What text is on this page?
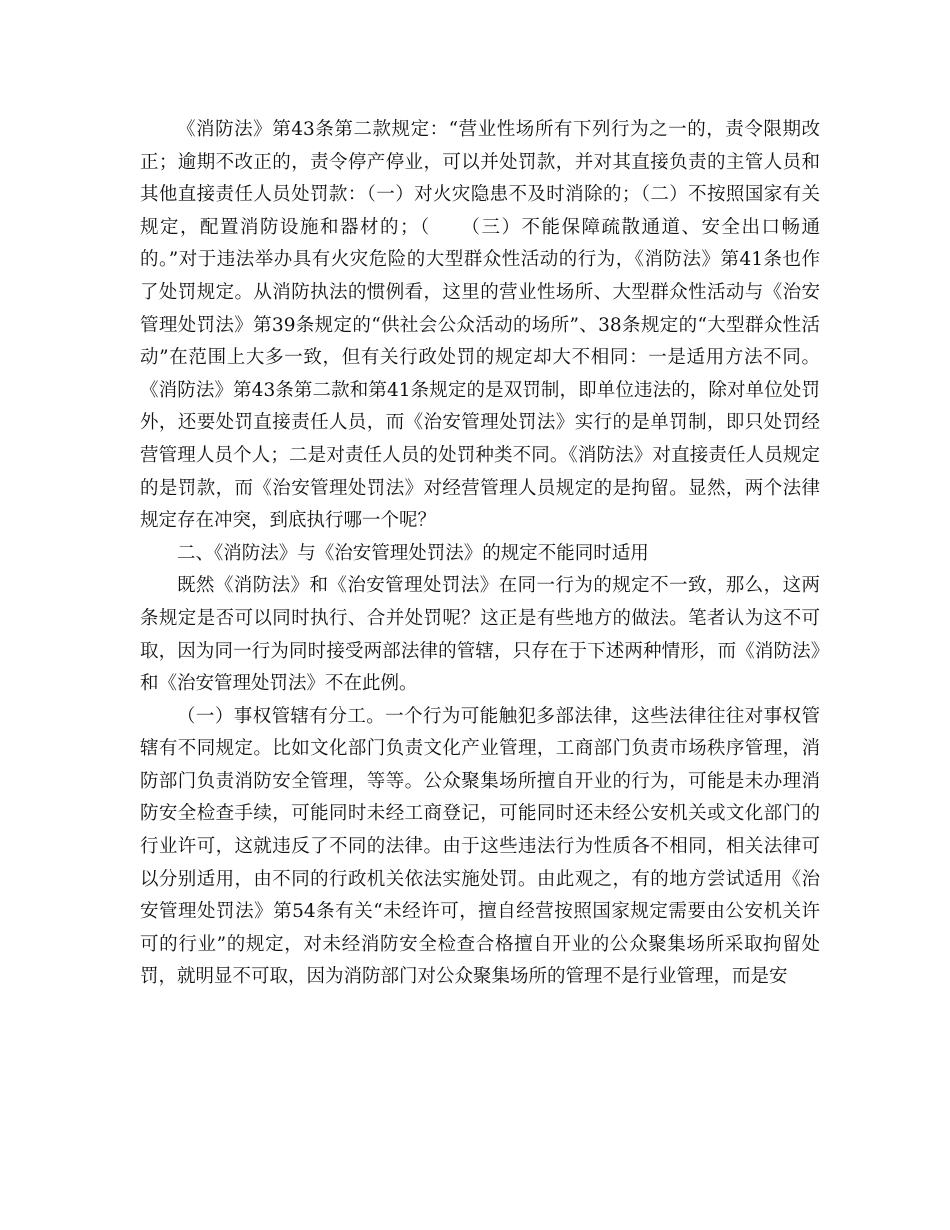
《消防法》第43条第二款规定：“营业性场所有下列行为之一的，责令限期改正；逾期不改正的，责令停产停业，可以并处罚款，并对其直接负责的主管人员和其他直接责任人员处罚款：（一）对火灾隐患不及时消除的；（二）不按照国家有关规定，配置消防设施和器材的；（　　（三）不能保障疏散通道、安全出口畅通的。”对于违法举办具有火灾危险的大型群众性活动的行为，《消防法》第41条也作了处罚规定。从消防执法的惯例看，这里的营业性场所、大型群众性活动与《治安管理处罚法》第39条规定的“供社会公众活动的场所”、38条规定的“大型群众性活动”在范围上大多一致，但有关行政处罚的规定却大不相同：一是适用方法不同。《消防法》第43条第二款和第41条规定的是双罚制，即单位违法的，除对单位处罚外，还要处罚直接责任人员，而《治安管理处罚法》实行的是单罚制，即只处罚经营管理人员个人；二是对责任人员的处罚种类不同。《消防法》对直接责任人员规定的是罚款，而《治安管理处罚法》对经营管理人员规定的是拘留。显然，两个法律规定存在冲突，到底执行哪一个呢？

二、《消防法》与《治安管理处罚法》的规定不能同时适用

既然《消防法》和《治安管理处罚法》在同一行为的规定不一致，那么，这两条规定是否可以同时执行、合并处罚呢？这正是有些地方的做法。笔者认为这不可取，因为同一行为同时接受两部法律的管辖，只存在于下述两种情形，而《消防法》和《治安管理处罚法》不在此例。

（一）事权管辖有分工。一个行为可能触犯多部法律，这些法律往往对事权管辖有不同规定。比如文化部门负责文化产业管理，工商部门负责市场秩序管理，消防部门负责消防安全管理，等等。公众聚集场所擅自开业的行为，可能是未办理消防安全检查手续，可能同时未经工商登记，可能同时还未经公安机关或文化部门的行业许可，这就违反了不同的法律。由于这些违法行为性质各不相同，相关法律可以分别适用，由不同的行政机关依法实施处罚。由此观之，有的地方尝试适用《治安管理处罚法》第54条有关“未经许可，擅自经营按照国家规定需要由公安机关许可的行业”的规定，对未经消防安全检查合格擅自开业的公众聚集场所采取拘留处罚，就明显不可取，因为消防部门对公众聚集场所的管理不是行业管理，而是安
